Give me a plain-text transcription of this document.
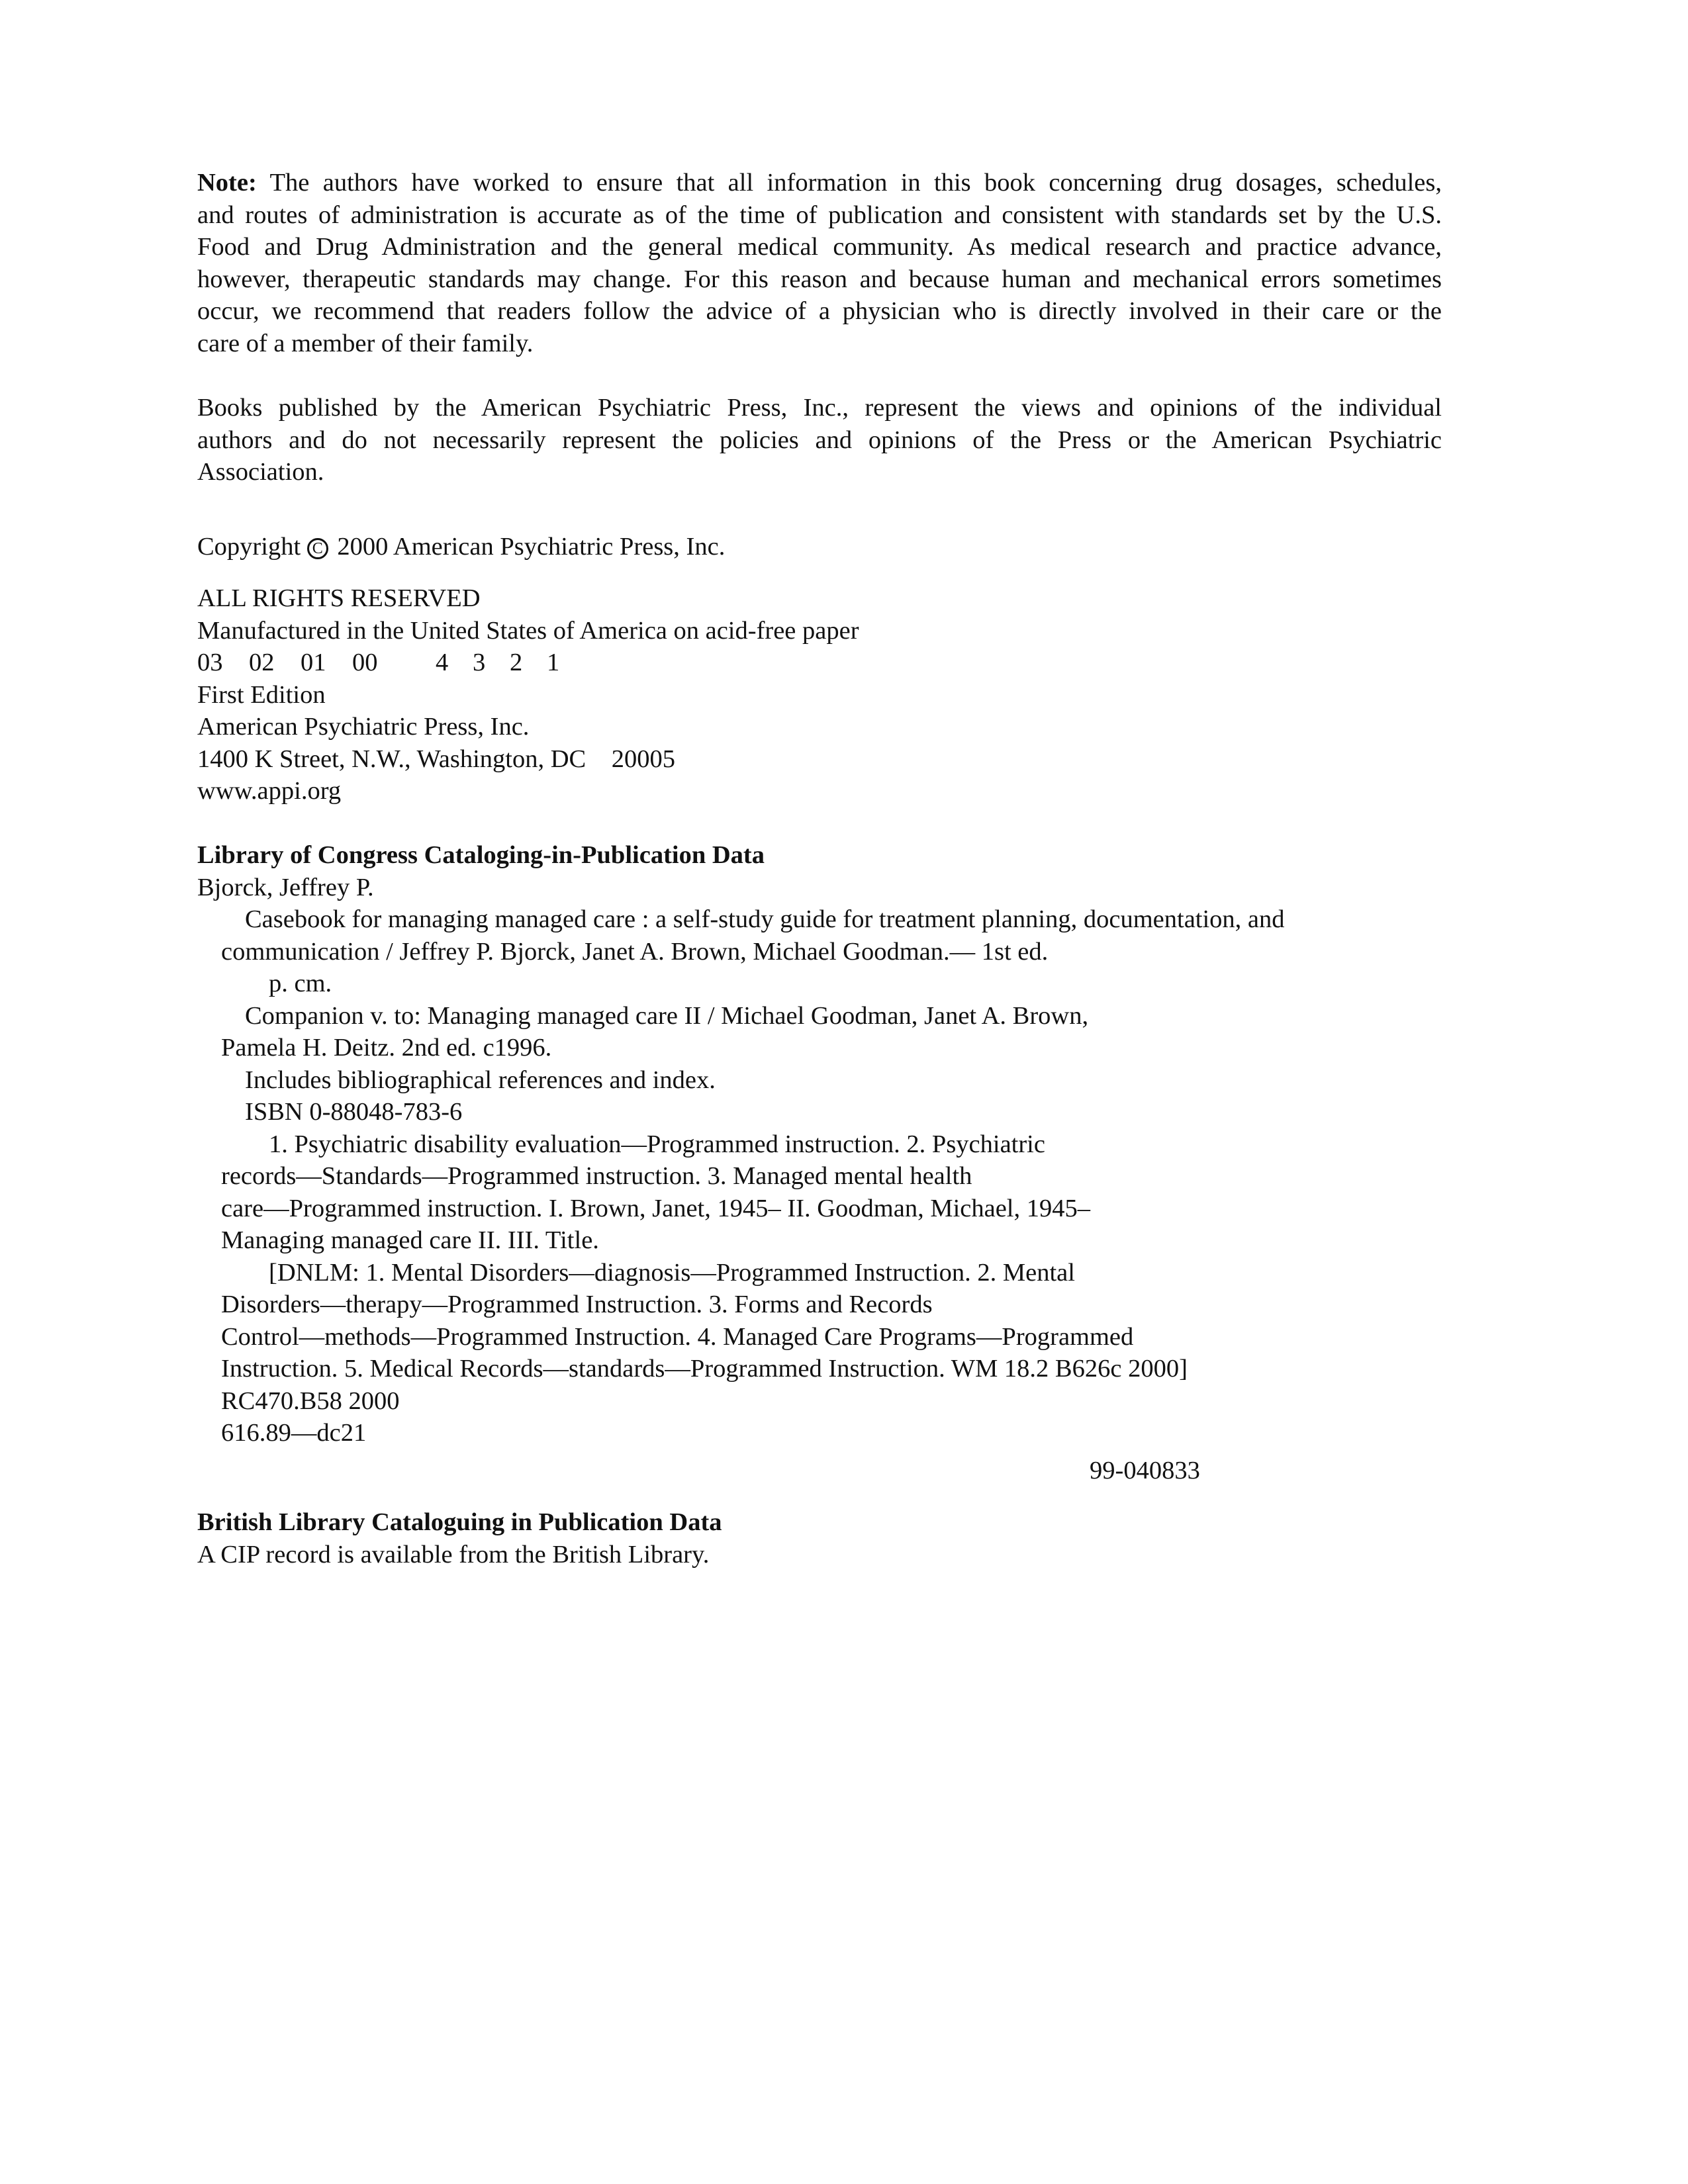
Note: The authors have worked to ensure that all information in this book concerning drug dosages, schedules,
and routes of administration is accurate as of the time of publication and consistent with standards set by the U.S.
Food and Drug Administration and the general medical community. As medical research and practice advance,
however, therapeutic standards may change. For this reason and because human and mechanical errors sometimes
occur, we recommend that readers follow the advice of a physician who is directly involved in their care or the
care of a member of their family.
Books published by the American Psychiatric Press, Inc., represent the views and opinions of the individual
authors and do not necessarily represent the policies and opinions of the Press or the American Psychiatric
Association.
Copyright C 2000 American Psychiatric Press, Inc.
ALL RIGHTS RESERVED
Manufactured in the United States of America on acid-free paper
03 02 01 00 4 3 2 1
First Edition
American Psychiatric Press, Inc.
1400 K Street, N.W., Washington, DC    20005
www.appi.org
Library of Congress Cataloging-in-Publication Data
Bjorck, Jeffrey P.
Casebook for managing managed care : a self-study guide for treatment planning, documentation, and
communication / Jeffrey P. Bjorck, Janet A. Brown, Michael Goodman.— 1st ed.
p. cm.
Companion v. to: Managing managed care II / Michael Goodman, Janet A. Brown,
Pamela H. Deitz. 2nd ed. c1996.
Includes bibliographical references and index.
ISBN 0-88048-783-6
1. Psychiatric disability evaluation—Programmed instruction. 2. Psychiatric
records—Standards—Programmed instruction. 3. Managed mental health
care—Programmed instruction. I. Brown, Janet, 1945– II. Goodman, Michael, 1945–
Managing managed care II. III. Title.
[DNLM: 1. Mental Disorders—diagnosis—Programmed Instruction. 2. Mental
Disorders—therapy—Programmed Instruction. 3. Forms and Records
Control—methods—Programmed Instruction. 4. Managed Care Programs—Programmed
Instruction. 5. Medical Records—standards—Programmed Instruction. WM 18.2 B626c 2000]
RC470.B58 2000
616.89—dc21
99-040833
British Library Cataloguing in Publication Data
A CIP record is available from the British Library.
